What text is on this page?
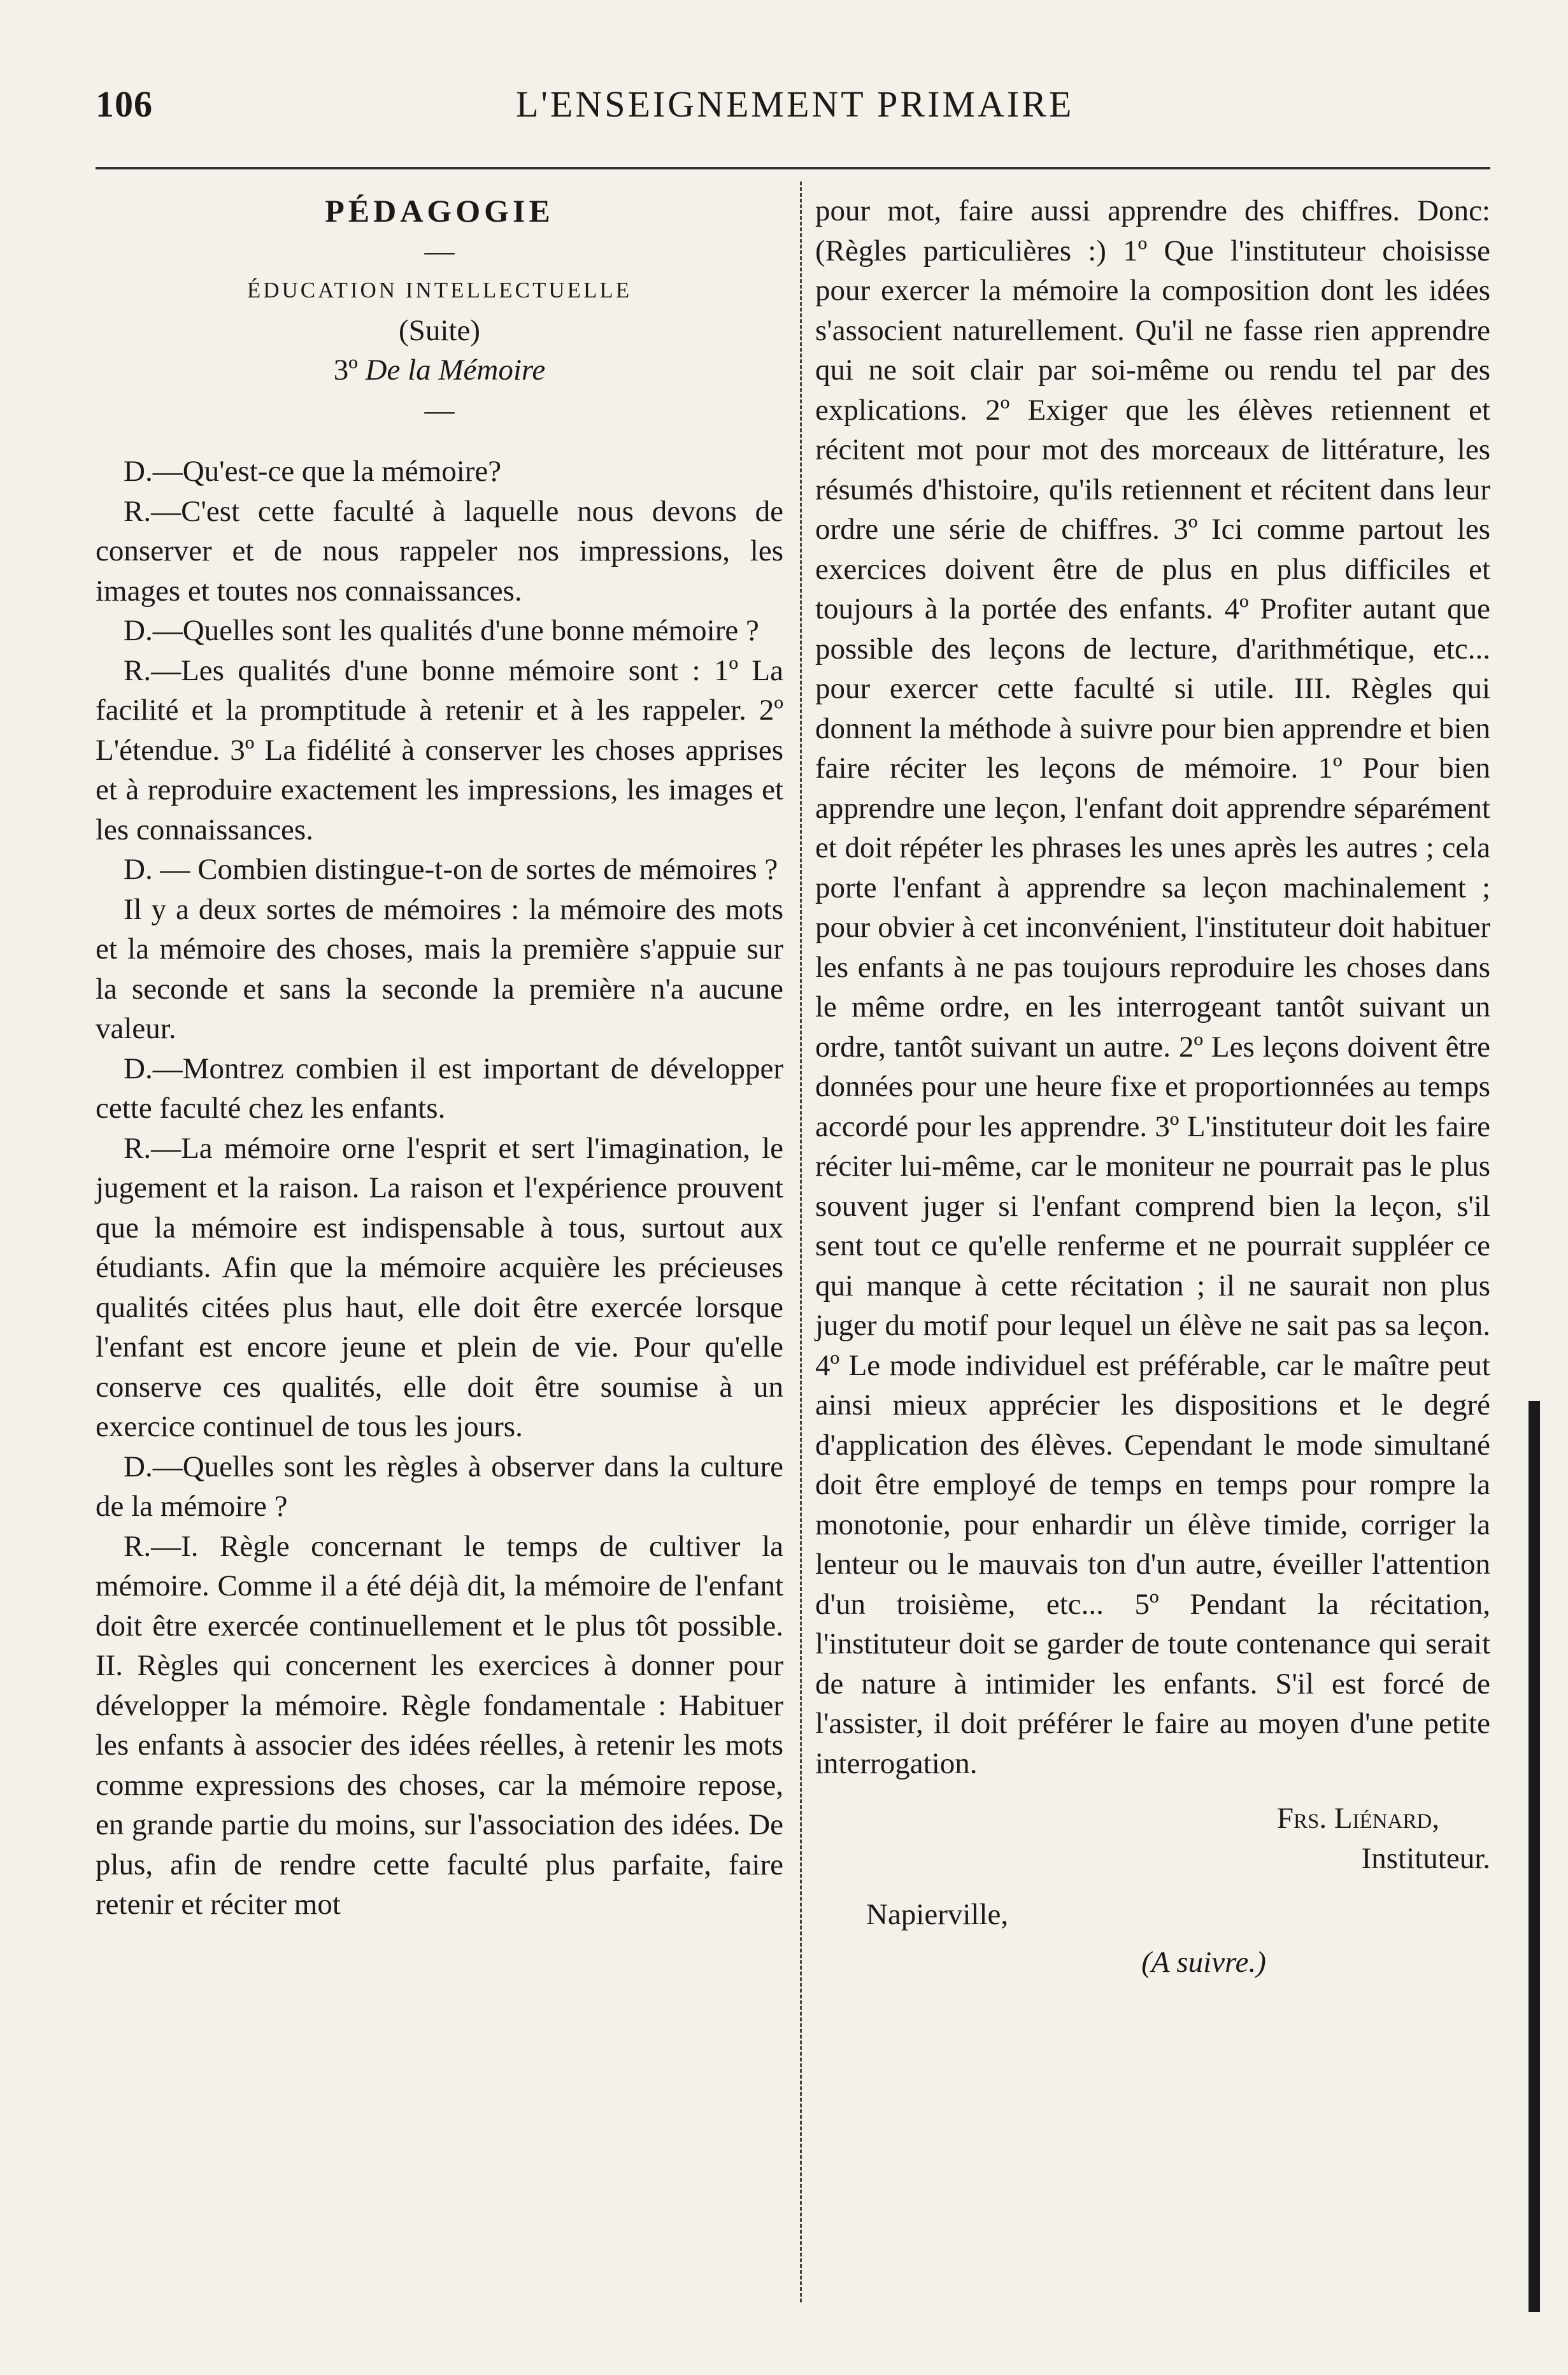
106	L'ENSEIGNEMENT PRIMAIRE

PÉDAGOGIE

—

ÉDUCATION INTELLECTUELLE

(Suite)

3º De la Mémoire

—

D.—Qu'est-ce que la mémoire?

R.—C'est cette faculté à laquelle nous devons de conserver et de nous rappeler nos impressions, les images et toutes nos connaissances.

D.—Quelles sont les qualités d'une bonne mémoire ?

R.—Les qualités d'une bonne mémoire sont : 1º La facilité et la promptitude à retenir et à les rappeler. 2º L'étendue. 3º La fidélité à conserver les choses apprises et à reproduire exactement les impressions, les images et les connaissances.

D. — Combien distingue-t-on de sortes de mémoires ?

Il y a deux sortes de mémoires : la mémoire des mots et la mémoire des choses, mais la première s'appuie sur la seconde et sans la seconde la première n'a aucune valeur.

D.—Montrez combien il est important de développer cette faculté chez les enfants.

R.—La mémoire orne l'esprit et sert l'imagination, le jugement et la raison. La raison et l'expérience prouvent que la mémoire est indispensable à tous, surtout aux étudiants. Afin que la mémoire acquière les précieuses qualités citées plus haut, elle doit être exercée lorsque l'enfant est encore jeune et plein de vie. Pour qu'elle conserve ces qualités, elle doit être soumise à un exercice continuel de tous les jours.

D.—Quelles sont les règles à observer dans la culture de la mémoire ?

R.—I. Règle concernant le temps de cultiver la mémoire. Comme il a été déjà dit, la mémoire de l'enfant doit être exercée continuellement et le plus tôt possible. II. Règles qui concernent les exercices à donner pour développer la mémoire. Règle fondamentale : Habituer les enfants à associer des idées réelles, à retenir les mots comme expressions des choses, car la mémoire repose, en grande partie du moins, sur l'association des idées. De plus, afin de rendre cette faculté plus parfaite, faire retenir et réciter mot

pour mot, faire aussi apprendre des chiffres. Donc: (Règles particulières :) 1º Que l'instituteur choisisse pour exercer la mémoire la composition dont les idées s'associent naturellement. Qu'il ne fasse rien apprendre qui ne soit clair par soi-même ou rendu tel par des explications. 2º Exiger que les élèves retiennent et récitent mot pour mot des morceaux de littérature, les résumés d'histoire, qu'ils retiennent et récitent dans leur ordre une série de chiffres. 3º Ici comme partout les exercices doivent être de plus en plus difficiles et toujours à la portée des enfants. 4º Profiter autant que possible des leçons de lecture, d'arithmétique, etc... pour exercer cette faculté si utile. III. Règles qui donnent la méthode à suivre pour bien apprendre et bien faire réciter les leçons de mémoire. 1º Pour bien apprendre une leçon, l'enfant doit apprendre séparément et doit répéter les phrases les unes après les autres ; cela porte l'enfant à apprendre sa leçon machinalement ; pour obvier à cet inconvénient, l'instituteur doit habituer les enfants à ne pas toujours reproduire les choses dans le même ordre, en les interrogeant tantôt suivant un ordre, tantôt suivant un autre. 2º Les leçons doivent être données pour une heure fixe et proportionnées au temps accordé pour les apprendre. 3º L'instituteur doit les faire réciter lui-même, car le moniteur ne pourrait pas le plus souvent juger si l'enfant comprend bien la leçon, s'il sent tout ce qu'elle renferme et ne pourrait suppléer ce qui manque à cette récitation ; il ne saurait non plus juger du motif pour lequel un élève ne sait pas sa leçon. 4º Le mode individuel est préférable, car le maître peut ainsi mieux apprécier les dispositions et le degré d'application des élèves. Cependant le mode simultané doit être employé de temps en temps pour rompre la monotonie, pour enhardir un élève timide, corriger la lenteur ou le mauvais ton d'un autre, éveiller l'attention d'un troisième, etc... 5º Pendant la récitation, l'instituteur doit se garder de toute contenance qui serait de nature à intimider les enfants. S'il est forcé de l'assister, il doit préférer le faire au moyen d'une petite interrogation.

Frs. Liénard,

Instituteur.

Napierville,

(A suivre.)
